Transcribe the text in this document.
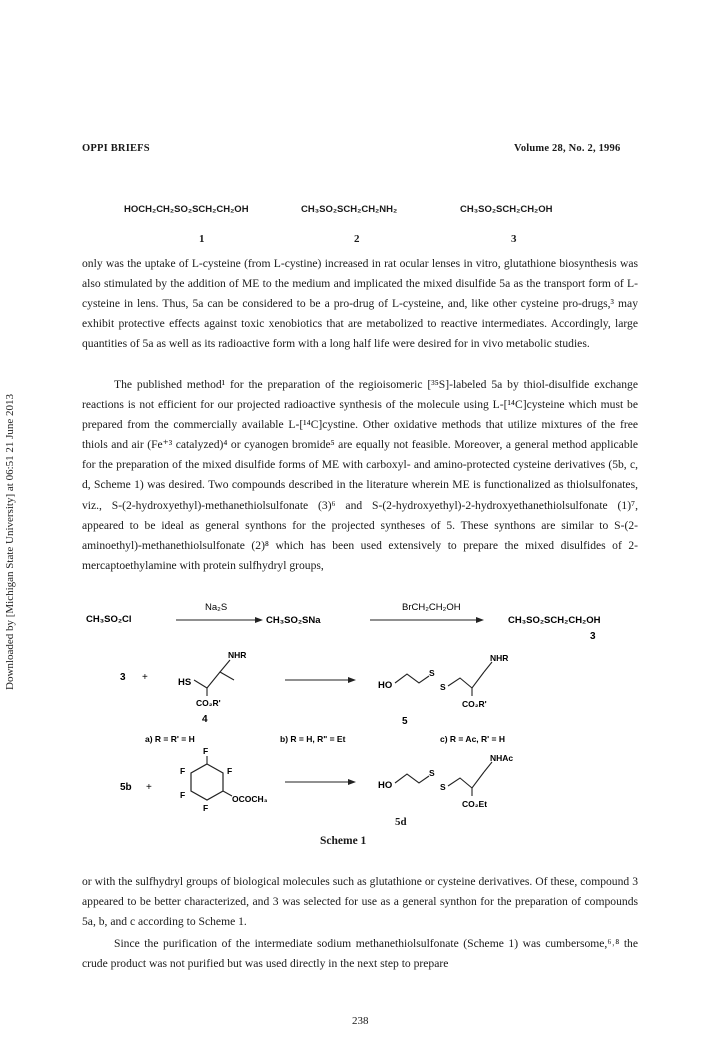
OPPI BRIEFS	Volume 28, No. 2, 1996
Downloaded by [Michigan State University] at 06:51 21 June 2013
HOCH₂CH₂SO₂SCH₂CH₂OH
1
CH₃SO₂SCH₂CH₂NH₂
2
CH₃SO₂SCH₂CH₂OH
3

only was the uptake of L-cysteine (from L-cystine) increased in rat ocular lenses in vitro, glutathione biosynthesis was also stimulated by the addition of ME to the medium and implicated the mixed disulfide 5a as the transport form of L-cysteine in lens. Thus, 5a can be considered to be a pro-drug of L-cysteine, and, like other cysteine pro-drugs,³ may exhibit protective effects against toxic xenobiotics that are metabolized to reactive intermediates. Accordingly, large quantities of 5a as well as its radioactive form with a long half life were desired for in vivo metabolic studies.

The published method¹ for the preparation of the regioisomeric [³⁵S]-labeled 5a by thiol-disulfide exchange reactions is not efficient for our projected radioactive synthesis of the molecule using L-[¹⁴C]cysteine which must be prepared from the commercially available L-[¹⁴C]cystine. Other oxidative methods that utilize mixtures of the free thiols and air (Fe⁺³ catalyzed)⁴ or cyanogen bromide⁵ are equally not feasible. Moreover, a general method applicable for the preparation of the mixed disulfide forms of ME with carboxyl- and amino-protected cysteine derivatives (5b, c, d, Scheme 1) was desired. Two compounds described in the literature wherein ME is functionalized as thiolsulfonates, viz., S-(2-hydroxyethyl)-methanethiolsulfonate (3)⁶ and S-(2-hydroxyethyl)-2-hydroxyethanethiolsulfonate (1)⁷, appeared to be ideal as general synthons for the projected syntheses of 5. These synthons are similar to S-(2-aminoethyl)-methanethiolsulfonate (2)⁸ which has been used extensively to prepare the mixed disulfides of 2-mercaptoethylamine with protein sulfhydryl groups,

CH₃SO₂Cl
Na₂S
CH₃SO₂SNa
BrCH₂CH₂OH
CH₃SO₂SCH₂CH₂OH
3
3 +	HS
NHR
CO₂R'
4
HO
S
S
NHR
CO₂R'
5
a) R = R' = H	b) R = H, R" = Et	c) R = Ac, R' = H
5b +
F
F	F
F
F
OCOCH₃
HO
S
S
NHAc
CO₂Et
5d
Scheme 1

or with the sulfhydryl groups of biological molecules such as glutathione or cysteine derivatives. Of these, compound 3 appeared to be better characterized, and 3 was selected for use as a general synthon for the preparation of compounds 5a, b, and c according to Scheme 1.

Since the purification of the intermediate sodium methanethiolsulfonate (Scheme 1) was cumbersome,⁶˒⁸ the crude product was not purified but was used directly in the next step to prepare

238
